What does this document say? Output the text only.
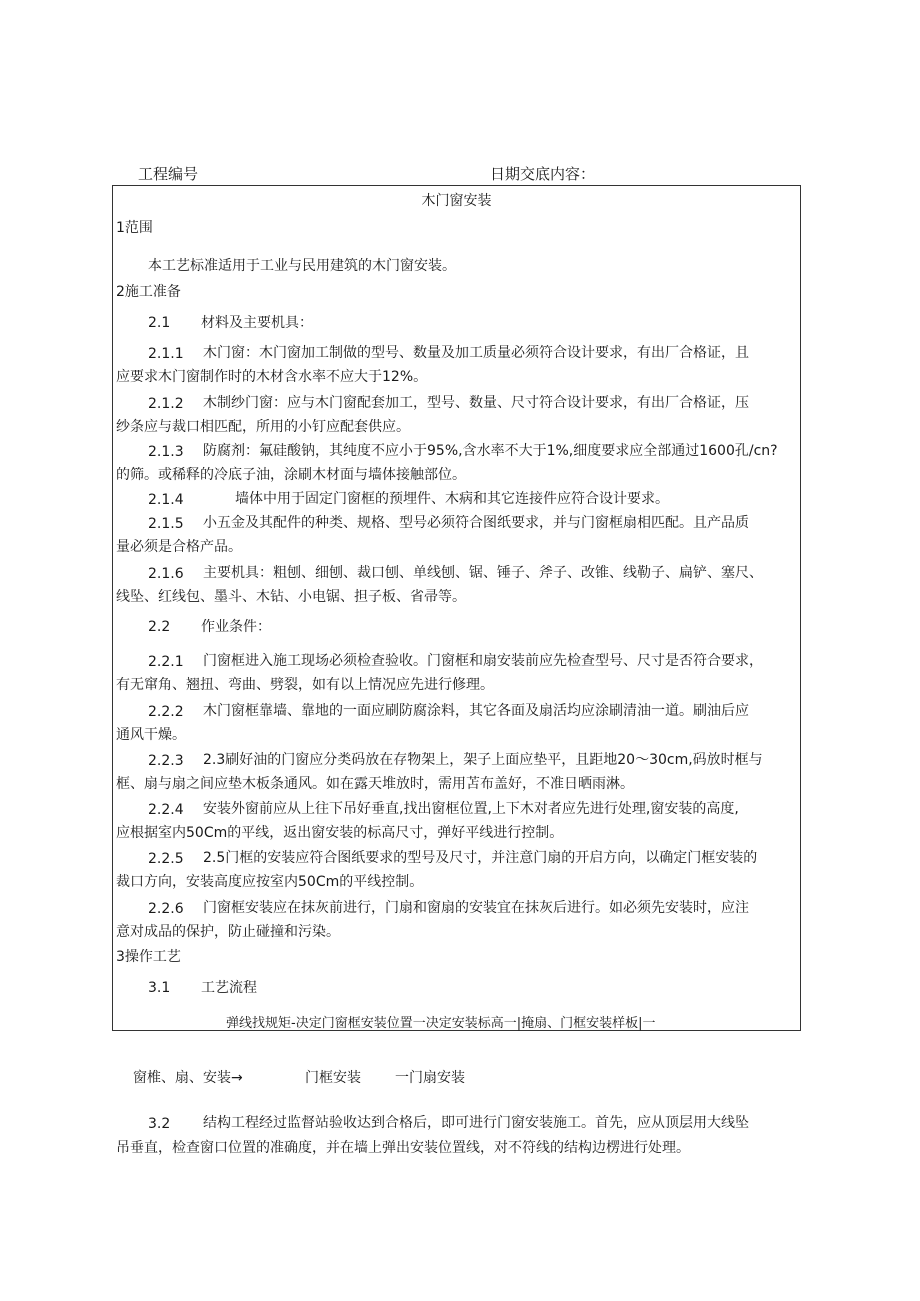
工程编号	日期交底内容：
木门窗安装
1范围
本工艺标准适用于工业与民用建筑的木门窗安装。
2施工准备
2.1 材料及主要机具：
2.1.1 木门窗：木门窗加工制做的型号、数量及加工质量必须符合设计要求，有出厂合格证，且
应要求木门窗制作时的木材含水率不应大于12%。
2.1.2 木制纱门窗：应与木门窗配套加工，型号、数量、尺寸符合设计要求，有出厂合格证，压
纱条应与裁口相匹配，所用的小钉应配套供应。
2.1.3 防腐剂：氟硅酸钠，其纯度不应小于95%,含水率不大于1%,细度要求应全部通过1600孔/cn?
的筛。或稀释的冷底子油，涂刷木材面与墙体接触部位。
2.1.4	墙体中用于固定门窗框的预埋件、木病和其它连接件应符合设计要求。
2.1.5 小五金及其配件的种类、规格、型号必须符合图纸要求，并与门窗框扇相匹配。且产品质
量必须是合格产品。
2.1.6 主要机具：粗刨、细刨、裁口刨、单线刨、锯、锤子、斧子、改锥、线勒子、扁铲、塞尺、
线坠、红线包、墨斗、木钻、小电锯、担子板、省帚等。
2.2 作业条件：
2.2.1 门窗框进入施工现场必须检查验收。门窗框和扇安装前应先检查型号、尺寸是否符合要求，
有无窜角、翘扭、弯曲、劈裂，如有以上情况应先进行修理。
2.2.2 木门窗框靠墙、靠地的一面应刷防腐涂料，其它各面及扇活均应涂刷清油一道。刷油后应
通风干燥。
2.2.3 2.3刷好油的门窗应分类码放在存物架上，架子上面应垫平，且距地20～30cm,码放时框与
框、扇与扇之间应垫木板条通风。如在露天堆放时，需用苫布盖好，不准日晒雨淋。
2.2.4 安装外窗前应从上往下吊好垂直,找出窗框位置,上下木对者应先进行处理,窗安装的高度,
应根据室内50Cm的平线，返出窗安装的标高尺寸，弹好平线进行控制。
2.2.5 2.5门框的安装应符合图纸要求的型号及尺寸，并注意门扇的开启方向，以确定门框安装的
裁口方向，安装高度应按室内50Cm的平线控制。
2.2.6 门窗框安装应在抹灰前进行，门扇和窗扇的安装宜在抹灰后进行。如必须先安装时，应注
意对成品的保护，防止碰撞和污染。
3操作工艺
3.1 工艺流程
弹线找规矩-决定门窗框安装位置一决定安装标高一|掩扇、门框安装样板|一
窗椎、扇、安装→	门框安装 一门扇安装
3.2 结构工程经过监督站验收达到合格后，即可进行门窗安装施工。首先，应从顶层用大线坠
吊垂直，检查窗口位置的准确度，并在墙上弹出安装位置线，对不符线的结构边楞进行处理。
